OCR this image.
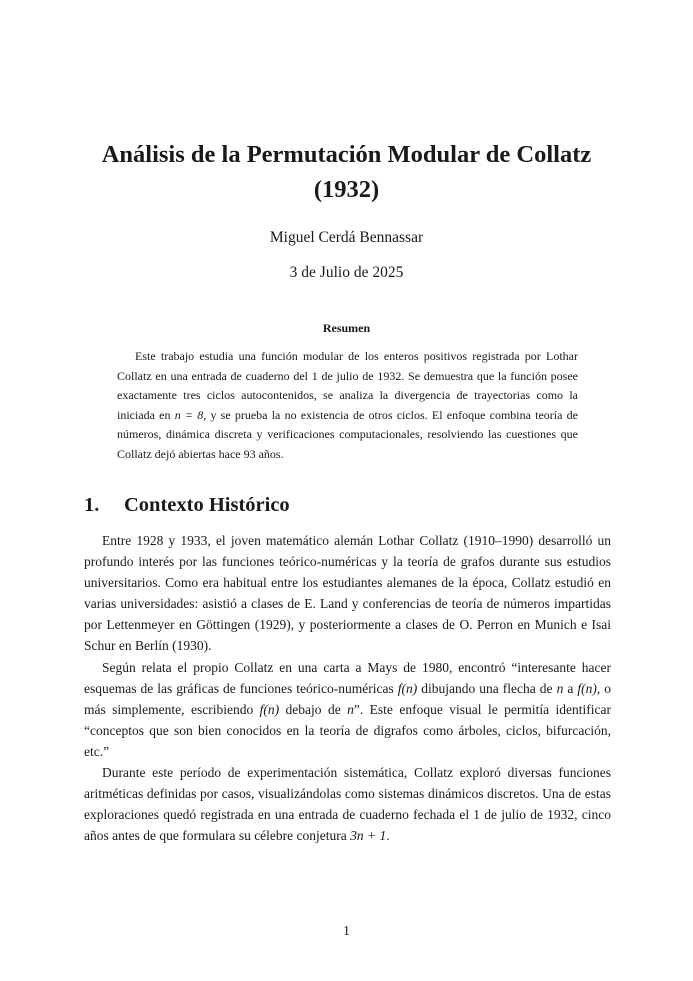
Análisis de la Permutación Modular de Collatz (1932)
Miguel Cerdá Bennassar
3 de Julio de 2025
Resumen

Este trabajo estudia una función modular de los enteros positivos registrada por Lothar Collatz en una entrada de cuaderno del 1 de julio de 1932. Se demuestra que la función posee exactamente tres ciclos autocontenidos, se analiza la divergencia de trayectorias como la iniciada en n = 8, y se prueba la no existencia de otros ciclos. El enfoque combina teoría de números, dinámica discreta y verificaciones computacionales, resolviendo las cuestiones que Collatz dejó abiertas hace 93 años.

1. Contexto Histórico

Entre 1928 y 1933, el joven matemático alemán Lothar Collatz (1910–1990) desarrolló un profundo interés por las funciones teórico-numéricas y la teoría de grafos durante sus estudios universitarios. Como era habitual entre los estudiantes alemanes de la época, Collatz estudió en varias universidades: asistió a clases de E. Land y conferencias de teoría de números impartidas por Lettenmeyer en Göttingen (1929), y posteriormente a clases de O. Perron en Munich e Isai Schur en Berlín (1930).

Según relata el propio Collatz en una carta a Mays de 1980, encontró “interesante hacer esquemas de las gráficas de funciones teórico-numéricas f(n) dibujando una flecha de n a f(n), o más simplemente, escribiendo f(n) debajo de n”. Este enfoque visual le permitía identificar “conceptos que son bien conocidos en la teoría de digrafos como árboles, ciclos, bifurcación, etc.”

Durante este período de experimentación sistemática, Collatz exploró diversas funciones aritméticas definidas por casos, visualizándolas como sistemas dinámicos discretos. Una de estas exploraciones quedó registrada en una entrada de cuaderno fechada el 1 de julio de 1932, cinco años antes de que formulara su célebre conjetura 3n + 1.

1
